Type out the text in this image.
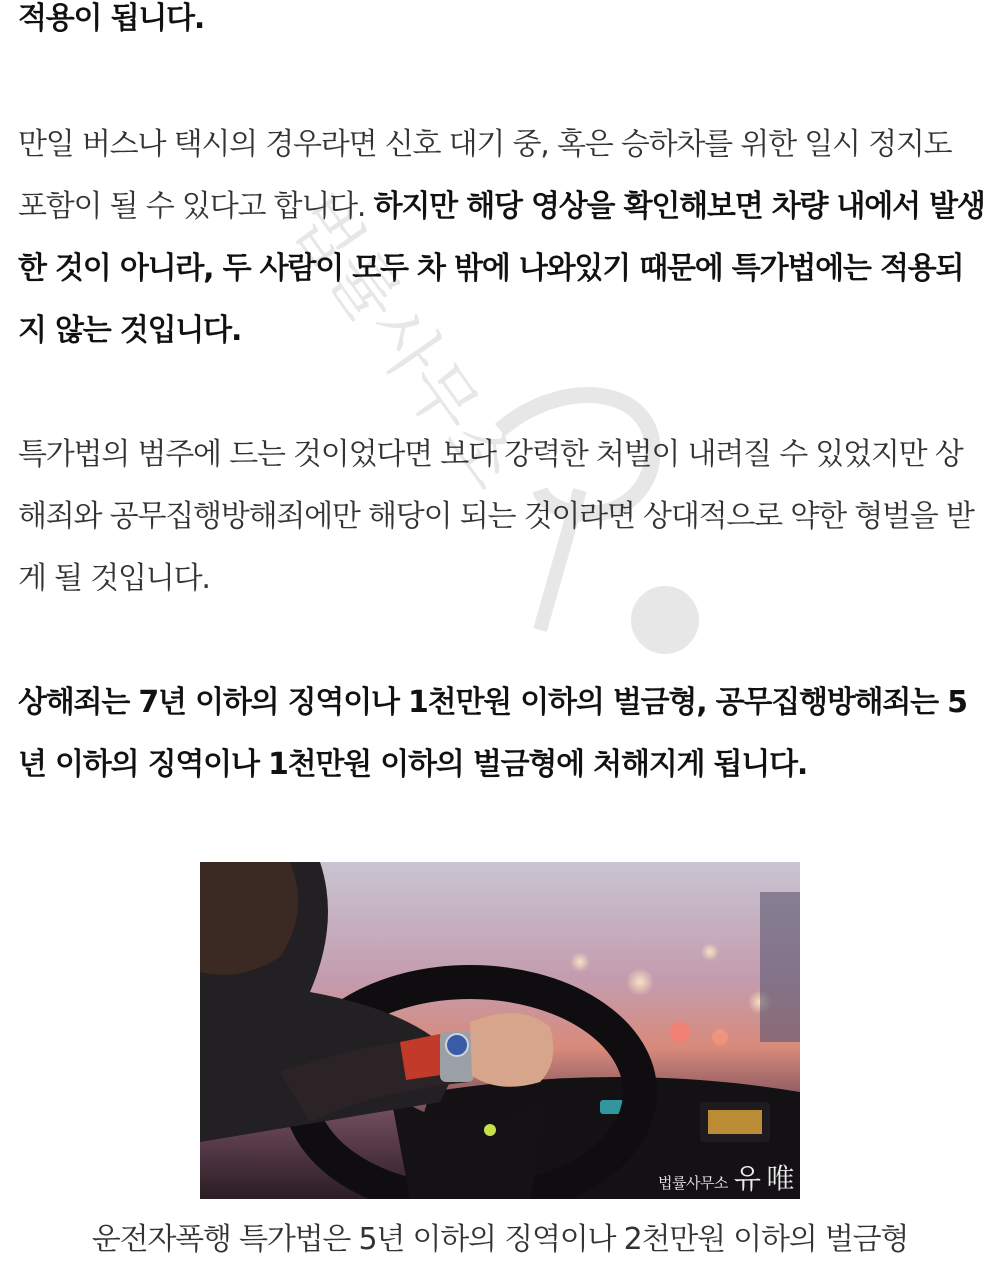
법률사무소

적용이 됩니다.

만일 버스나 택시의 경우라면 신호 대기 중, 혹은 승하차를 위한 일시 정지도 포함이 될 수 있다고 합니다. 하지만 해당 영상을 확인해보면 차량 내에서 발생한 것이 아니라, 두 사람이 모두 차 밖에 나와있기 때문에 특가법에는 적용되지 않는 것입니다.

특가법의 범주에 드는 것이었다면 보다 강력한 처벌이 내려질 수 있었지만 상해죄와 공무집행방해죄에만 해당이 되는 것이라면 상대적으로 약한 형벌을 받게 될 것입니다.

상해죄는 7년 이하의 징역이나 1천만원 이하의 벌금형, 공무집행방해죄는 5년 이하의 징역이나 1천만원 이하의 벌금형에 처해지게 됩니다.

법률사무소 유 唯
운전자폭행 특가법은 5년 이하의 징역이나 2천만원 이하의 벌금형
